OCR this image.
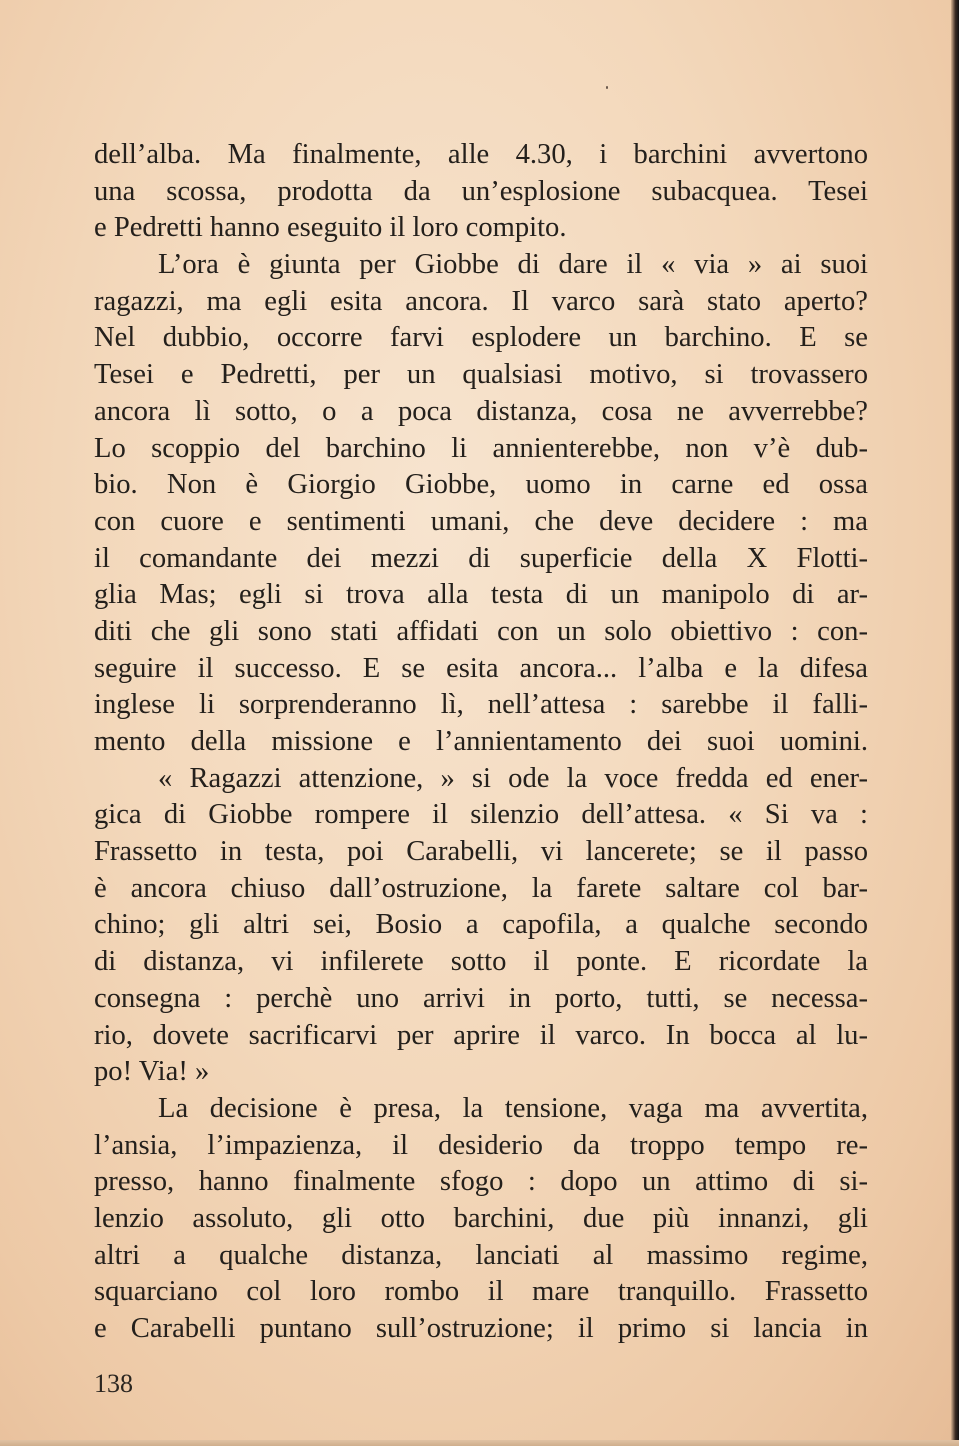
dell’alba. Ma finalmente, alle 4.30, i barchini avvertono
una scossa, prodotta da un’esplosione subacquea. Tesei
e Pedretti hanno eseguito il loro compito.
L’ora è giunta per Giobbe di dare il « via » ai suoi
ragazzi, ma egli esita ancora. Il varco sarà stato aperto?
Nel dubbio, occorre farvi esplodere un barchino. E se
Tesei e Pedretti, per un qualsiasi motivo, si trovassero
ancora lì sotto, o a poca distanza, cosa ne avverrebbe?
Lo scoppio del barchino li annienterebbe, non v’è dub-
bio. Non è Giorgio Giobbe, uomo in carne ed ossa
con cuore e sentimenti umani, che deve decidere : ma
il comandante dei mezzi di superficie della X Flotti-
glia Mas; egli si trova alla testa di un manipolo di ar-
diti che gli sono stati affidati con un solo obiettivo : con-
seguire il successo. E se esita ancora... l’alba e la difesa
inglese li sorprenderanno lì, nell’attesa : sarebbe il falli-
mento della missione e l’annientamento dei suoi uomini.
« Ragazzi attenzione, » si ode la voce fredda ed ener-
gica di Giobbe rompere il silenzio dell’attesa. « Si va :
Frassetto in testa, poi Carabelli, vi lancerete; se il passo
è ancora chiuso dall’ostruzione, la farete saltare col bar-
chino; gli altri sei, Bosio a capofila, a qualche secondo
di distanza, vi infilerete sotto il ponte. E ricordate la
consegna : perchè uno arrivi in porto, tutti, se necessa-
rio, dovete sacrificarvi per aprire il varco. In bocca al lu-
po! Via! »
La decisione è presa, la tensione, vaga ma avvertita,
l’ansia, l’impazienza, il desiderio da troppo tempo re-
presso, hanno finalmente sfogo : dopo un attimo di si-
lenzio assoluto, gli otto barchini, due più innanzi, gli
altri a qualche distanza, lanciati al massimo regime,
squarciano col loro rombo il mare tranquillo. Frassetto
e Carabelli puntano sull’ostruzione; il primo si lancia in
138
